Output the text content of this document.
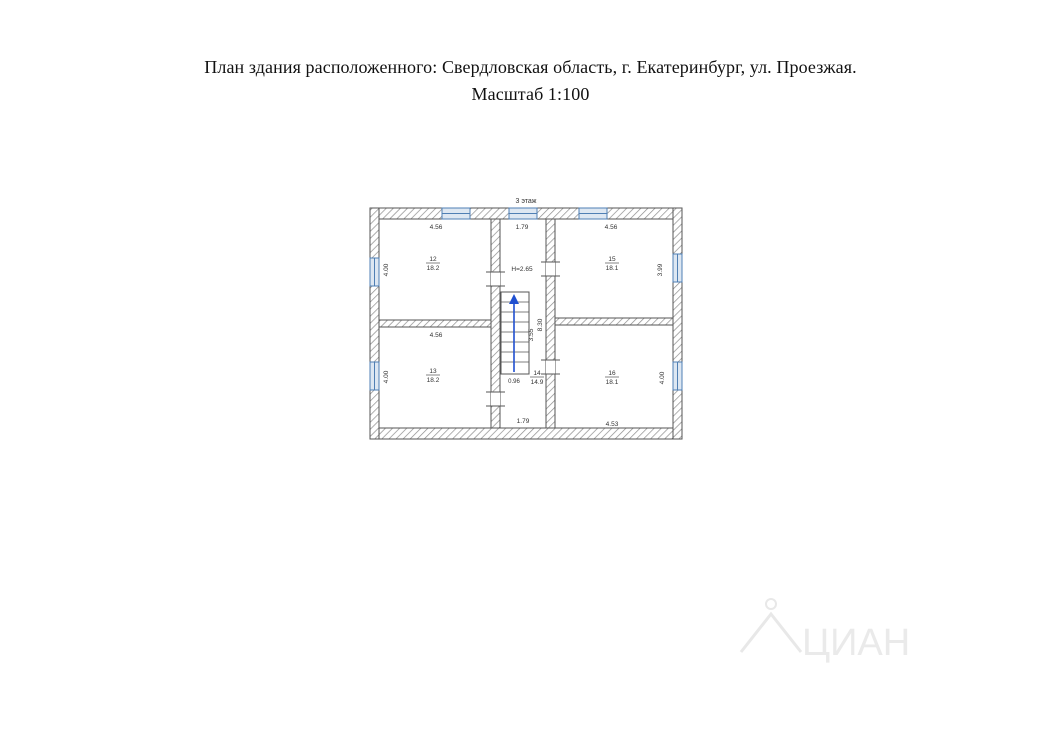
План здания расположенного: Свердловская область, г. Екатеринбург, ул. Проезжая.
Масштаб 1:100
3 этаж
4.56
4.00
12
18.2
4.56
4.00	13
18.2
4.56
3.99
15
18.1
4.53
4.00
16
18.1
1.79
H=2.65
8.30
3.55
0.96
14
14.9
1.79
ЦИАН
